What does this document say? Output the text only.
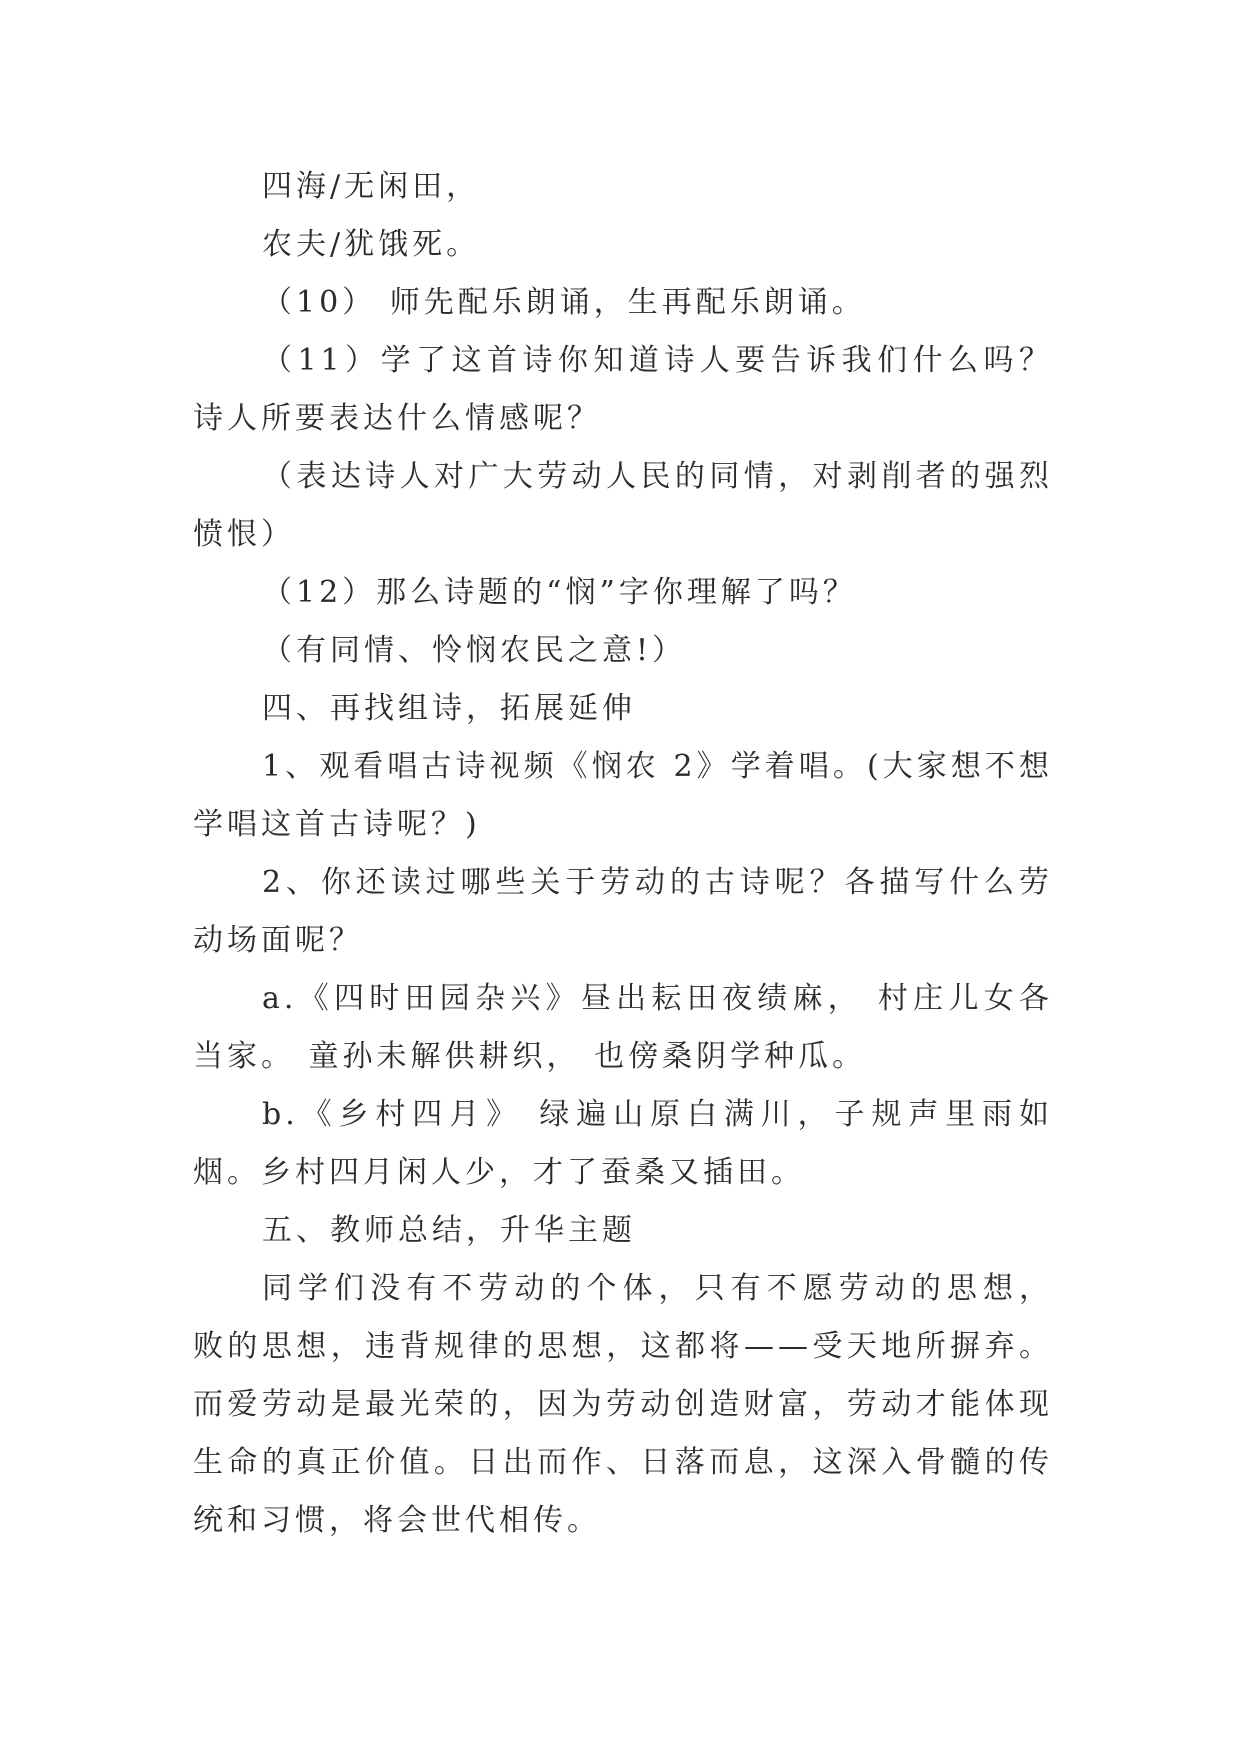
四海/无闲田，

农夫/犹饿死。

（10） 师先配乐朗诵，生再配乐朗诵。

（11）学了这首诗你知道诗人要告诉我们什么吗？诗人所要表达什么情感呢？

（表达诗人对广大劳动人民的同情，对剥削者的强烈愤恨）

（12）那么诗题的“悯”字你理解了吗？

（有同情、怜悯农民之意!）

四、再找组诗，拓展延伸

1、观看唱古诗视频《悯农 2》学着唱。(大家想不想学唱这首古诗呢？)

2、你还读过哪些关于劳动的古诗呢？各描写什么劳动场面呢？

a.《四时田园杂兴》昼出耘田夜绩麻， 村庄儿女各当家。 童孙未解供耕织， 也傍桑阴学种瓜。

b.《乡村四月》 绿遍山原白满川，子规声里雨如烟。乡村四月闲人少，才了蚕桑又插田。

五、教师总结，升华主题

同学们没有不劳动的个体，只有不愿劳动的思想， 败的思想，违背规律的思想，这都将——受天地所摒弃。而爱劳动是最光荣的，因为劳动创造财富，劳动才能体现生命的真正价值。日出而作、日落而息，这深入骨髓的传统和习惯，将会世代相传。
